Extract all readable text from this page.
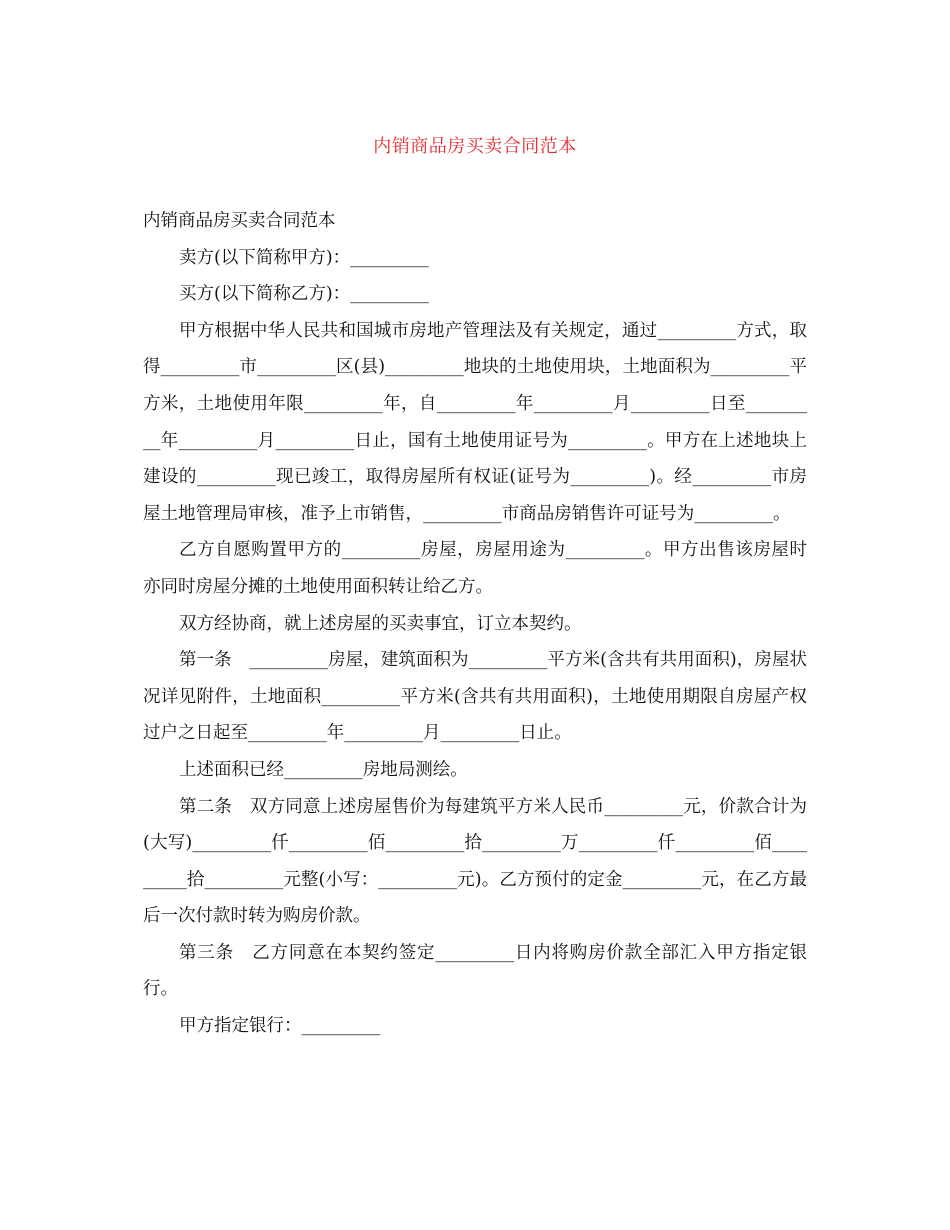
内销商品房买卖合同范本

内销商品房买卖合同范本

卖方(以下简称甲方)：_________

买方(以下简称乙方)：_________

甲方根据中华人民共和国城市房地产管理法及有关规定，通过_________方式，取得_________市_________区(县)_________地块的土地使用块，土地面积为_________平方米，土地使用年限_________年，自_________年_________月_________日至_________年_________月_________日止，国有土地使用证号为_________。甲方在上述地块上建设的_________现已竣工，取得房屋所有权证(证号为_________)。经_________市房屋土地管理局审核，准予上市销售，_________市商品房销售许可证号为_________。

乙方自愿购置甲方的_________房屋，房屋用途为_________。甲方出售该房屋时亦同时房屋分摊的土地使用面积转让给乙方。

双方经协商，就上述房屋的买卖事宜，订立本契约。

第一条　_________房屋，建筑面积为_________平方米(含共有共用面积)，房屋状况详见附件，土地面积_________平方米(含共有共用面积)，土地使用期限自房屋产权过户之日起至_________年_________月_________日止。

上述面积已经_________房地局测绘。

第二条　双方同意上述房屋售价为每建筑平方米人民币_________元，价款合计为(大写)_________仟_________佰_________拾_________万_________仟_________佰_________拾_________元整(小写：_________元)。乙方预付的定金_________元，在乙方最后一次付款时转为购房价款。

第三条　乙方同意在本契约签定_________日内将购房价款全部汇入甲方指定银行。

甲方指定银行：_________
